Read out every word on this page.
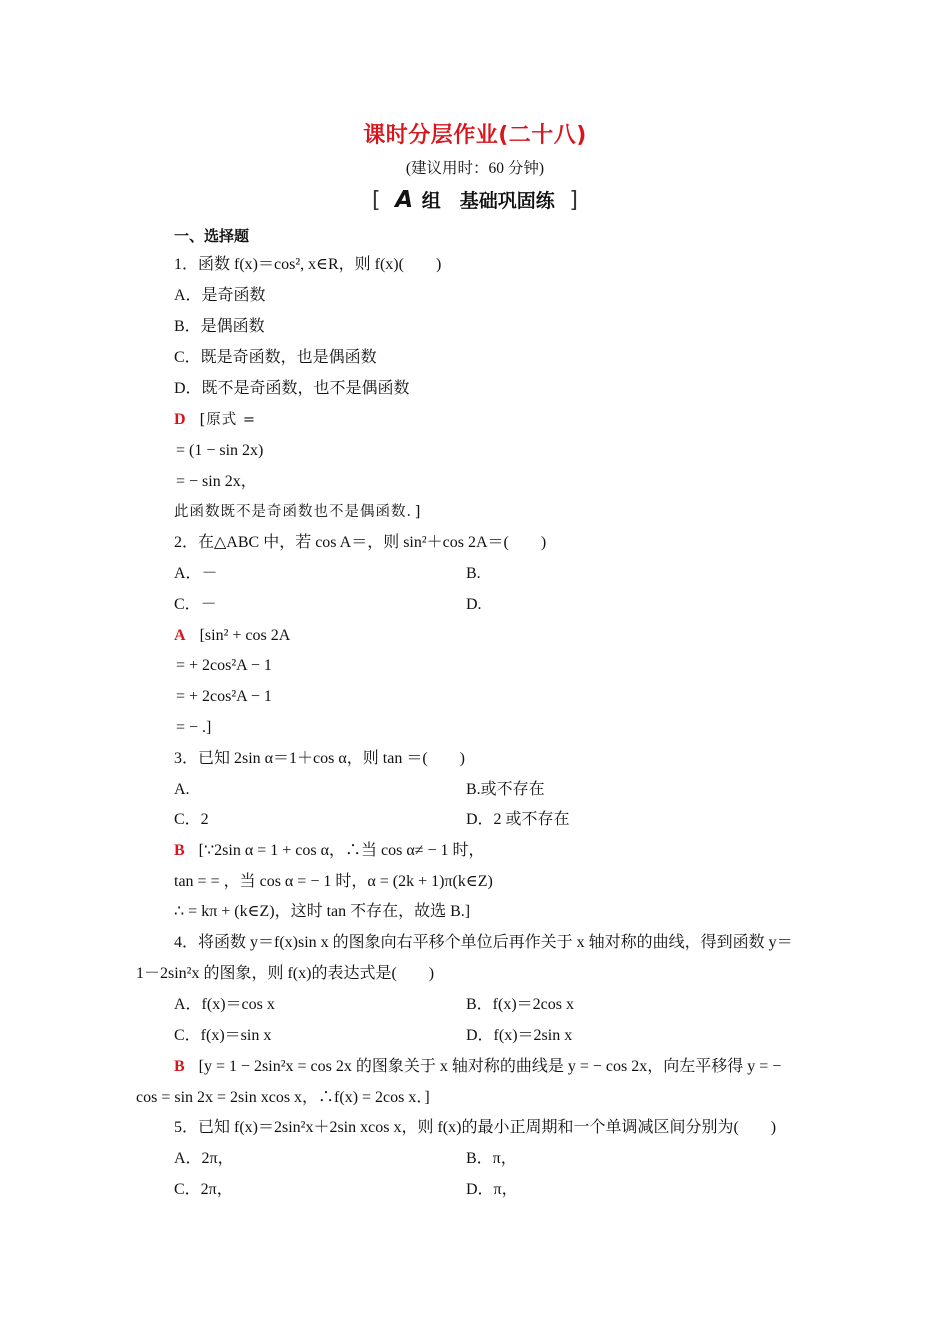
课时分层作业(二十八)
(建议用时：60 分钟)
[ A 组　基础巩固练 ]
一、选择题
1．函数 f(x)＝cos², x∈R，则 f(x)(　　)
A．是奇函数
B．是偶函数
C．既是奇函数，也是偶函数
D．既不是奇函数，也不是偶函数
D [原式 =
= (1 − sin 2x)
= − sin 2x，
此函数既不是奇函数也不是偶函数．]
2．在△ABC 中，若 cos A＝，则 sin²＋cos 2A＝(　　)
A．－	B.
C．－	D.
A [sin² + cos 2A
= + 2cos²A − 1
= + 2cos²A − 1
= − .]
3．已知 2sin α＝1＋cos α，则 tan ＝(　　)
A.	B.或不存在
C．2	D．2 或不存在
B [∵2sin α = 1 + cos α，∴当 cos α≠ − 1 时，
tan = = ，当 cos α = − 1 时，α = (2k + 1)π(k∈Z)
∴ = kπ + (k∈Z)，这时 tan 不存在，故选 B.]
4．将函数 y＝f(x)sin x 的图象向右平移个单位后再作关于 x 轴对称的曲线，得到函数 y＝
1－2sin²x 的图象，则 f(x)的表达式是(　　)
A．f(x)＝cos x	B．f(x)＝2cos x
C．f(x)＝sin x	D．f(x)＝2sin x
B [y = 1 − 2sin²x = cos 2x 的图象关于 x 轴对称的曲线是 y = − cos 2x，向左平移得 y = −
cos = sin 2x = 2sin xcos x，∴f(x) = 2cos x．]
5．已知 f(x)＝2sin²x＋2sin xcos x，则 f(x)的最小正周期和一个单调减区间分别为(　　)
A．2π，	B．π，
C．2π，	D．π，
